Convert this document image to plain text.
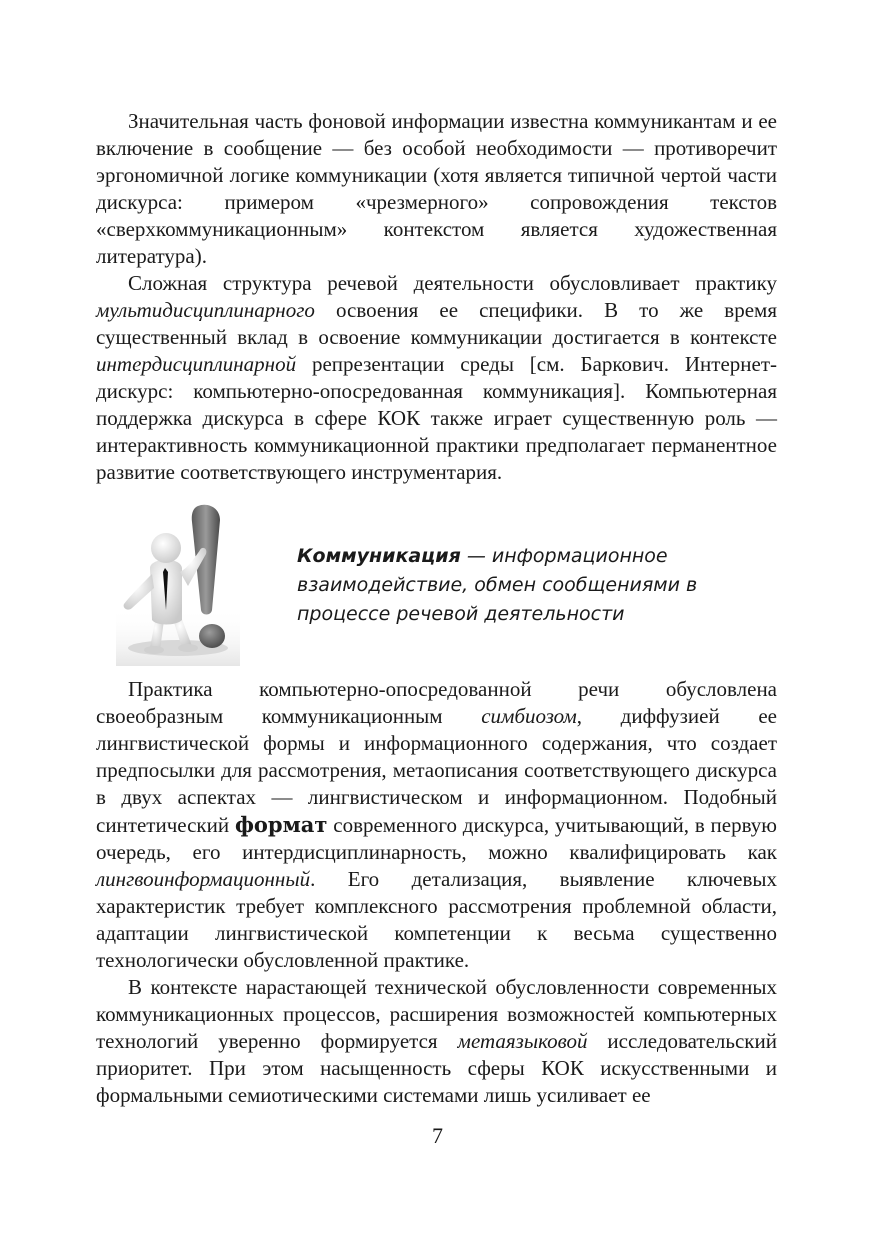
Значительная часть фоновой информации известна коммуникантам и ее включение в сообщение — без особой необходимости — противоречит эргономичной логике коммуникации (хотя является типичной чертой части дискурса: примером «чрезмерного» сопровождения текстов «сверхкоммуникационным» контекстом является художественная литература).

Сложная структура речевой деятельности обусловливает практику мультидисциплинарного освоения ее специфики. В то же время существенный вклад в освоение коммуникации достигается в контексте интердисциплинарной репрезентации среды [см. Баркович. Интернет-дискурс: компьютерно-опосредованная коммуникация]. Компьютерная поддержка дискурса в сфере КОК также играет существенную роль — интерактивность коммуникационной практики предполагает перманентное развитие соответствующего инструментария.

Коммуникация — информационное взаимодействие, обмен сообщениями в процессе речевой деятельности

Практика компьютерно-опосредованной речи обусловлена своеобразным коммуникационным симбиозом, диффузией ее лингвистической формы и информационного содержания, что создает предпосылки для рассмотрения, метаописания соответствующего дискурса в двух аспектах — лингвистическом и информационном. Подобный синтетический формат современного дискурса, учитывающий, в первую очередь, его интердисциплинарность, можно квалифицировать как лингвоинформационный. Его детализация, выявление ключевых характеристик требует комплексного рассмотрения проблемной области, адаптации лингвистической компетенции к весьма существенно технологически обусловленной практике.

В контексте нарастающей технической обусловленности современных коммуникационных процессов, расширения возможностей компьютерных технологий уверенно формируется метаязыковой исследовательский приоритет. При этом насыщенность сферы КОК искусственными и формальными семиотическими системами лишь усиливает ее

7
